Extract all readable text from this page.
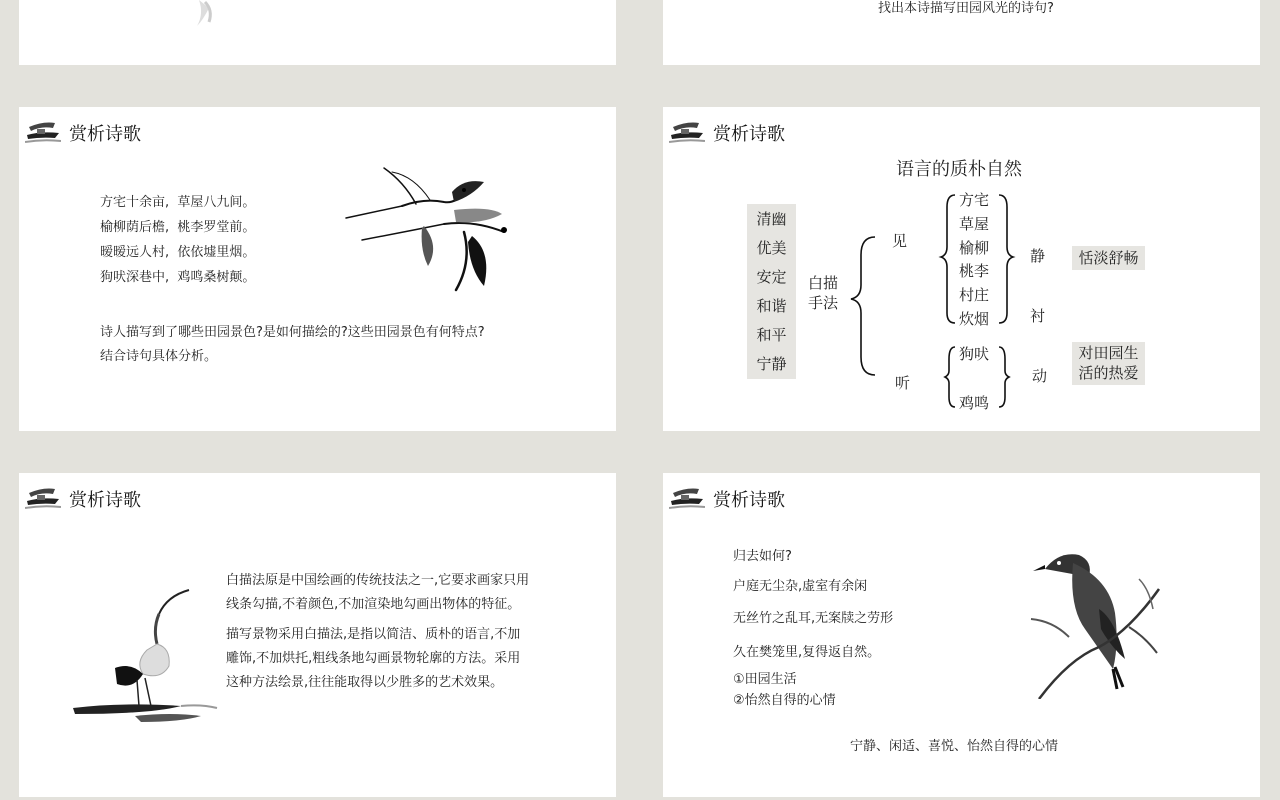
找出本诗描写田园风光的诗句?
赏析诗歌
方宅十余亩,  草屋八九间。
榆柳荫后檐,  桃李罗堂前。
暧暧远人村,  依依墟里烟。
狗吠深巷中,  鸡鸣桑树颠。
诗人描写到了哪些田园景色?是如何描绘的?这些田园景色有何特点?
结合诗句具体分析。
赏析诗歌
语言的质朴自然
清幽
优美
安定
和谐
和平
宁静
白描
手法
见
听
方宅
草屋
榆柳
桃李
村庄
炊烟
狗吠
鸡鸣
静
衬
动
恬淡舒畅
对田园生
活的热爱
赏析诗歌
白描法原是中国绘画的传统技法之一,它要求画家只用
线条勾描,不着颜色,不加渲染地勾画出物体的特征。
描写景物采用白描法,是指以简洁、质朴的语言,不加
雕饰,不加烘托,粗线条地勾画景物轮廓的方法。采用
这种方法绘景,往往能取得以少胜多的艺术效果。
赏析诗歌
归去如何?
户庭无尘杂,虚室有余闲
无丝竹之乱耳,无案牍之劳形
久在樊笼里,复得返自然。
①田园生活
②怡然自得的心情
宁静、闲适、喜悦、怡然自得的心情
